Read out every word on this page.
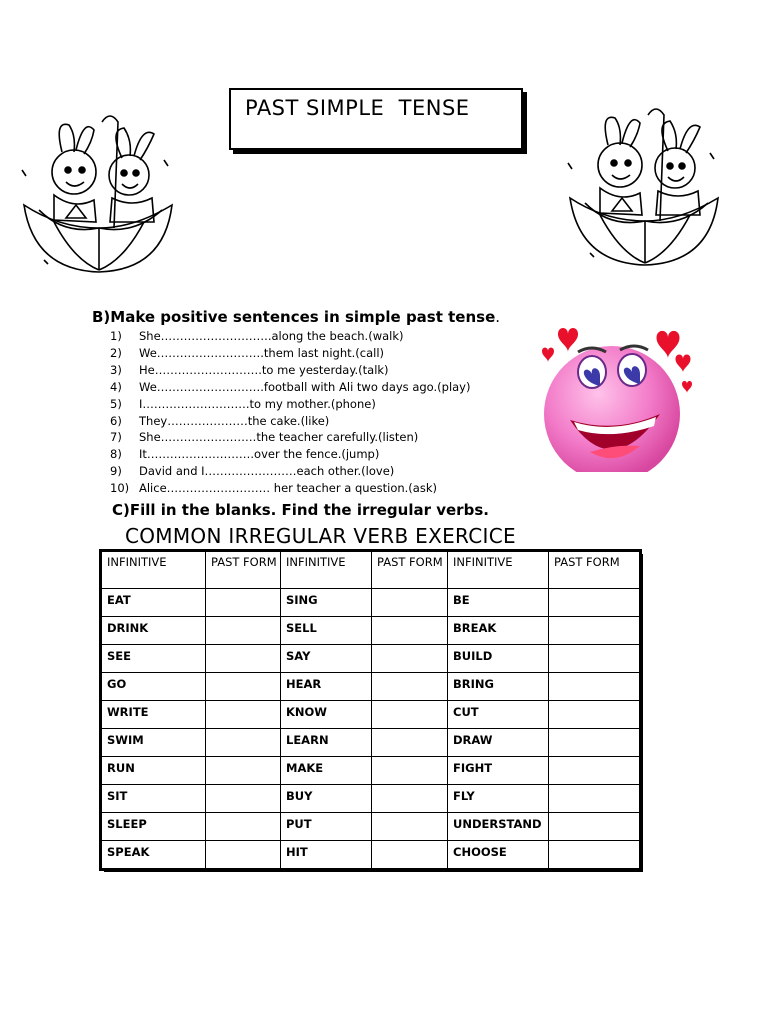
PAST SIMPLE  TENSE
B)Make positive sentences in simple past tense.
1) She………………………..along the beach.(walk)
2) We……………………….them last night.(call)
3) He……………………….to me yesterday.(talk)
4) We……………………….football with Ali two days ago.(play)
5) I……………………….to my mother.(phone)
6) They…………………the cake.(like)
7) She…………………….the teacher carefully.(listen)
8) It……………………….over the fence.(jump)
9) David and I……………………each other.(love)
10) Alice……………………… her teacher a question.(ask)
C)Fill in the blanks. Find the irregular verbs.
COMMON IRREGULAR VERB EXERCICE
INFINITIVE	PAST FORM	INFINITIVE	PAST FORM	INFINITIVE	PAST FORM
EAT		SING		BE	
DRINK		SELL		BREAK	
SEE		SAY		BUILD	
GO		HEAR		BRING	
WRITE		KNOW		CUT	
SWIM		LEARN		DRAW	
RUN		MAKE		FIGHT	
SIT		BUY		FLY	
SLEEP		PUT		UNDERSTAND	
SPEAK		HIT		CHOOSE	
